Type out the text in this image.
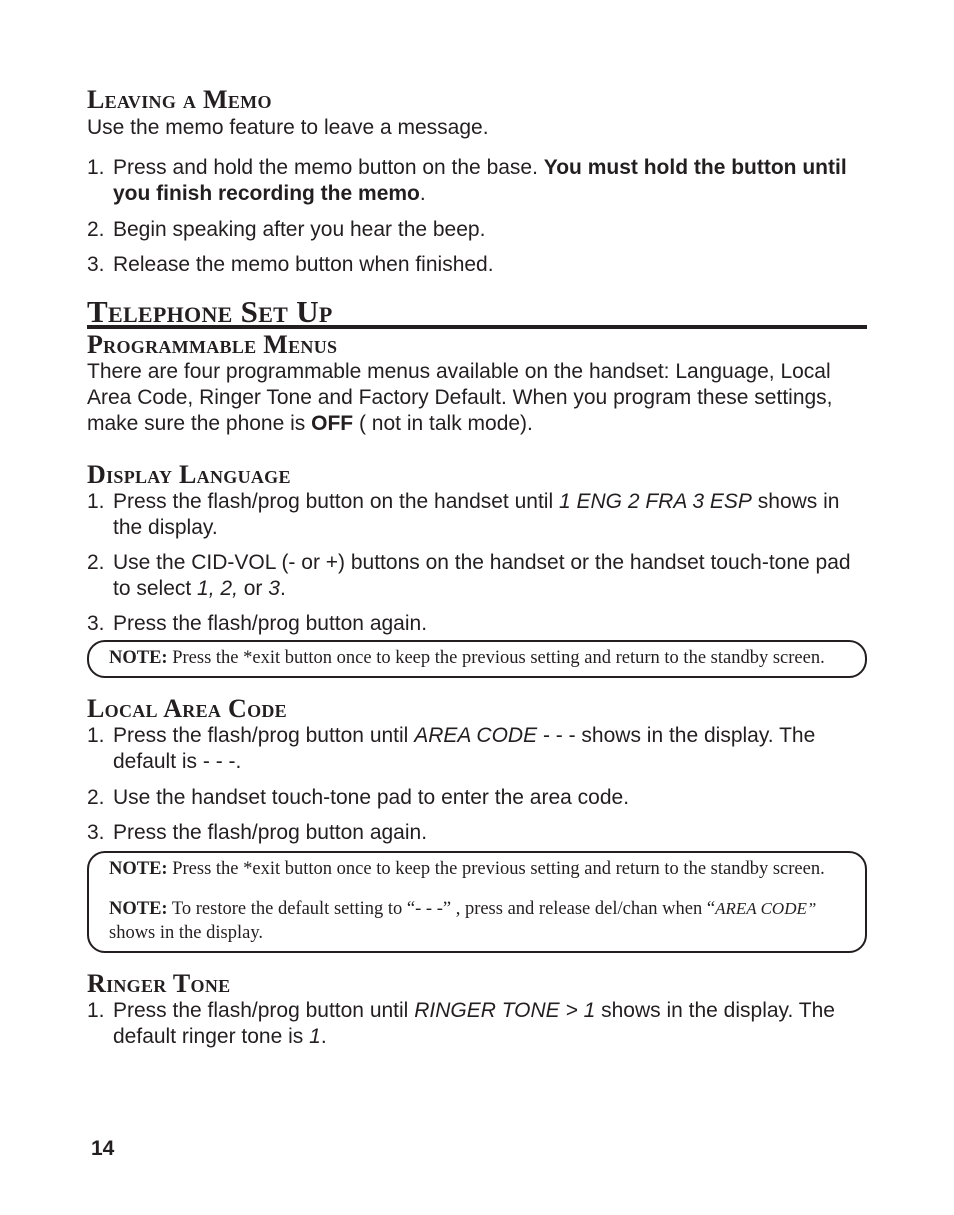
Leaving a Memo

Use the memo feature to leave a message.

1. Press and hold the memo button on the base. You must hold the button until you finish recording the memo.
2. Begin speaking after you hear the beep.
3. Release the memo button when finished.
Telephone Set Up
Programmable Menus

There are four programmable menus available on the handset: Language, Local Area Code, Ringer Tone and Factory Default. When you program these settings, make sure the phone is OFF ( not in talk mode).

Display Language
1. Press the flash/prog button on the handset until 1 ENG 2 FRA 3 ESP shows in the display.
2. Use the CID-VOL (- or +) buttons on the handset or the handset touch-tone pad to select 1, 2, or 3.
3. Press the flash/prog button again.

NOTE: Press the *exit button once to keep the previous setting and return to the standby screen.

Local Area Code
1. Press the flash/prog button until AREA CODE - - - shows in the display. The default is - - -.
2. Use the handset touch-tone pad to enter the area code.
3. Press the flash/prog button again.

NOTE: Press the *exit button once to keep the previous setting and return to the standby screen.

NOTE: To restore the default setting to “- - -” , press and release del/chan when “AREA CODE” shows in the display.

Ringer Tone
1. Press the flash/prog button until RINGER TONE > 1 shows in the display. The default ringer tone is 1.
14
